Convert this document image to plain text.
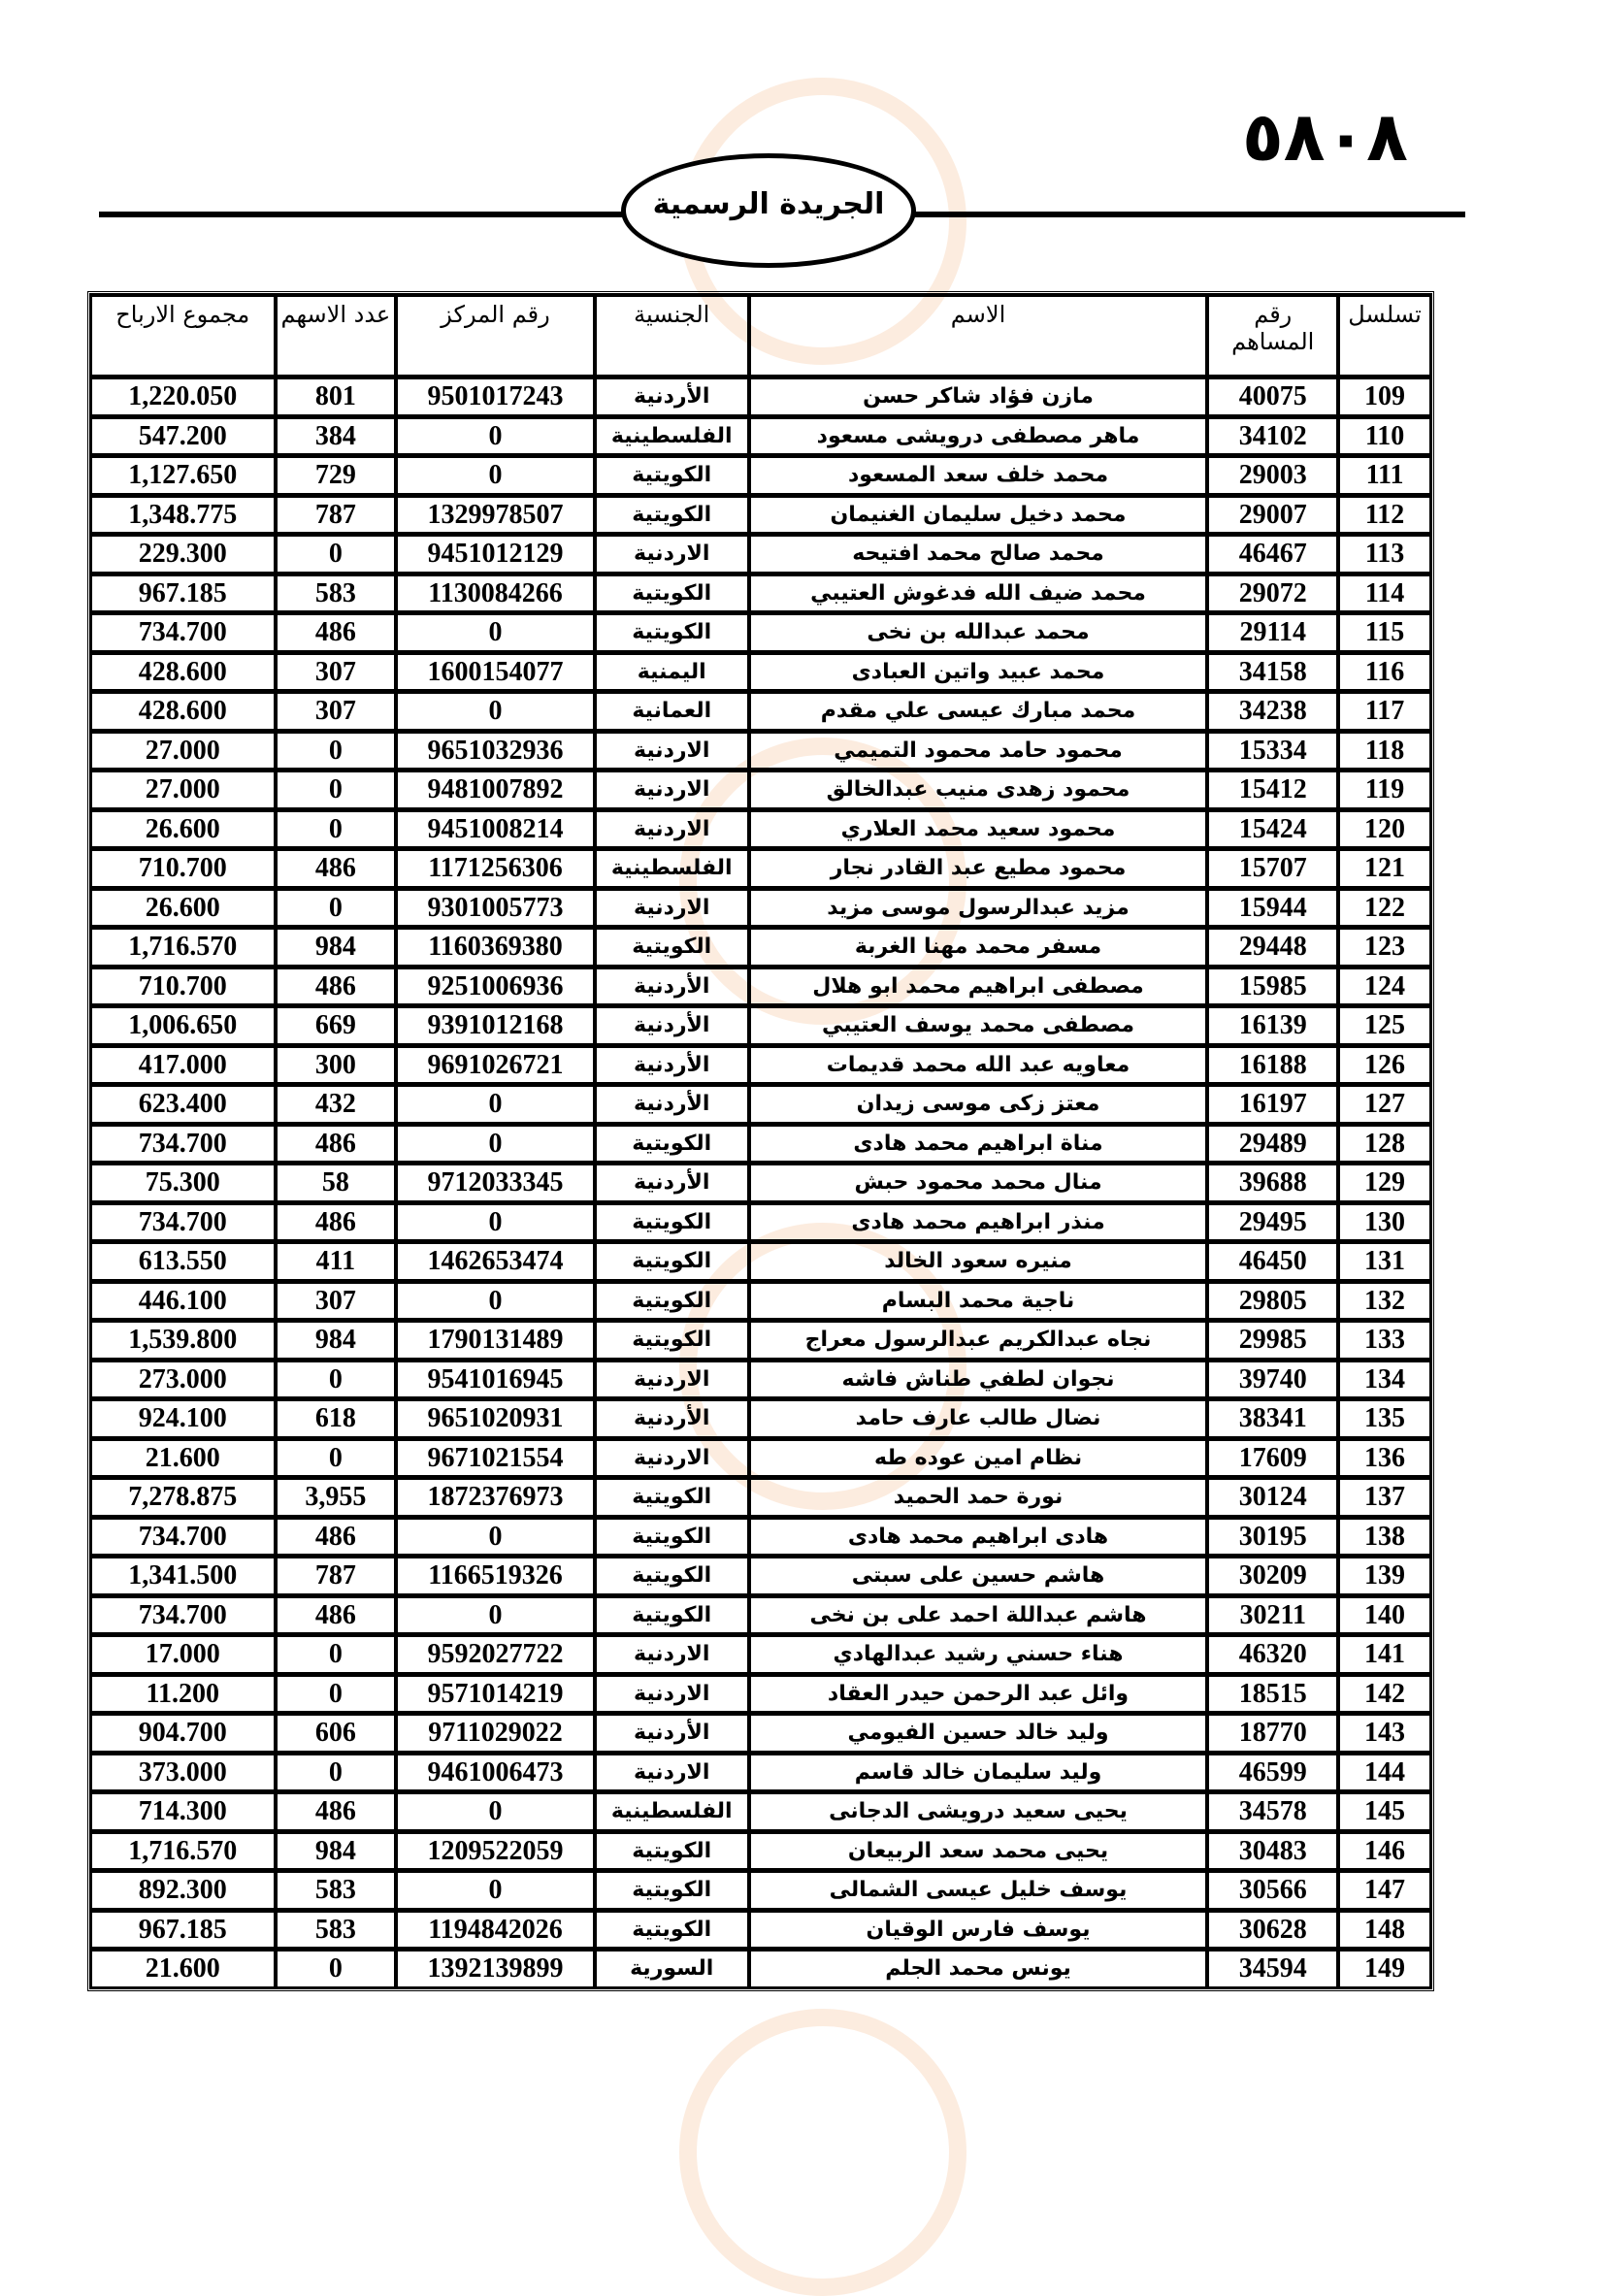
٥٨٠٨
الجريدة الرسمية
تسلسل	رقم المساهم	الاسم	الجنسية	رقم المركز	عدد الاسهم	مجموع الارباح
109	40075	مازن فؤاد شاكر حسن	الأردنية	9501017243	801	1,220.050
110	34102	ماهر مصطفى درويشى مسعود	الفلسطينية	0	384	547.200
111	29003	محمد خلف سعد المسعود	الكويتية	0	729	1,127.650
112	29007	محمد دخيل سليمان الغنيمان	الكويتية	1329978507	787	1,348.775
113	46467	محمد صالح محمد افتيحه	الاردنية	9451012129	0	229.300
114	29072	محمد ضيف الله فدغوش العتيبي	الكويتية	1130084266	583	967.185
115	29114	محمد عبدالله بن نخى	الكويتية	0	486	734.700
116	34158	محمد عبيد واتين العبادى	اليمنية	1600154077	307	428.600
117	34238	محمد مبارك عيسى علي مقدم	العمانية	0	307	428.600
118	15334	محمود حامد محمود التميمي	الاردنية	9651032936	0	27.000
119	15412	محمود زهدى منيب عبدالخالق	الاردنية	9481007892	0	27.000
120	15424	محمود سعيد محمد العلاري	الاردنية	9451008214	0	26.600
121	15707	محمود مطيع عبد القادر نجار	الفلسطينية	1171256306	486	710.700
122	15944	مزيد عبدالرسول موسى مزيد	الاردنية	9301005773	0	26.600
123	29448	مسفر محمد مهنا الغربة	الكويتية	1160369380	984	1,716.570
124	15985	مصطفى ابراهيم محمد ابو هلال	الأردنية	9251006936	486	710.700
125	16139	مصطفى محمد يوسف العتيبي	الأردنية	9391012168	669	1,006.650
126	16188	معاويه عبد الله محمد قديمات	الأردنية	9691026721	300	417.000
127	16197	معتز زكى موسى زيدان	الأردنية	0	432	623.400
128	29489	مناة ابراهيم محمد هادى	الكويتية	0	486	734.700
129	39688	منال محمد محمود حبش	الأردنية	9712033345	58	75.300
130	29495	منذر ابراهيم محمد هادى	الكويتية	0	486	734.700
131	46450	منيره سعود الخالد	الكويتية	1462653474	411	613.550
132	29805	ناجية محمد البسام	الكويتية	0	307	446.100
133	29985	نجاه عبدالكريم عبدالرسول معراج	الكويتية	1790131489	984	1,539.800
134	39740	نجوان لطفي طناش فاشه	الاردنية	9541016945	0	273.000
135	38341	نضال طالب عارف حامد	الأردنية	9651020931	618	924.100
136	17609	نظام امين عوده طه	الاردنية	9671021554	0	21.600
137	30124	نورة حمد الحميد	الكويتية	1872376973	3,955	7,278.875
138	30195	هادى ابراهيم محمد هادى	الكويتية	0	486	734.700
139	30209	هاشم حسين على سبتى	الكويتية	1166519326	787	1,341.500
140	30211	هاشم عبداللة احمد على بن نخى	الكويتية	0	486	734.700
141	46320	هناء حسني رشيد عبدالهادي	الاردنية	9592027722	0	17.000
142	18515	وائل عبد الرحمن حيدر العقاد	الاردنية	9571014219	0	11.200
143	18770	وليد خالد حسين الفيومي	الأردنية	9711029022	606	904.700
144	46599	وليد سليمان خالد قاسم	الاردنية	9461006473	0	373.000
145	34578	يحيى سعيد درويشى الدجانى	الفلسطينية	0	486	714.300
146	30483	يحيى محمد سعد الربيعان	الكويتية	1209522059	984	1,716.570
147	30566	يوسف خليل عيسى الشمالى	الكويتية	0	583	892.300
148	30628	يوسف فارس الوقيان	الكويتية	1194842026	583	967.185
149	34594	يونس محمد الجلم	السورية	1392139899	0	21.600
